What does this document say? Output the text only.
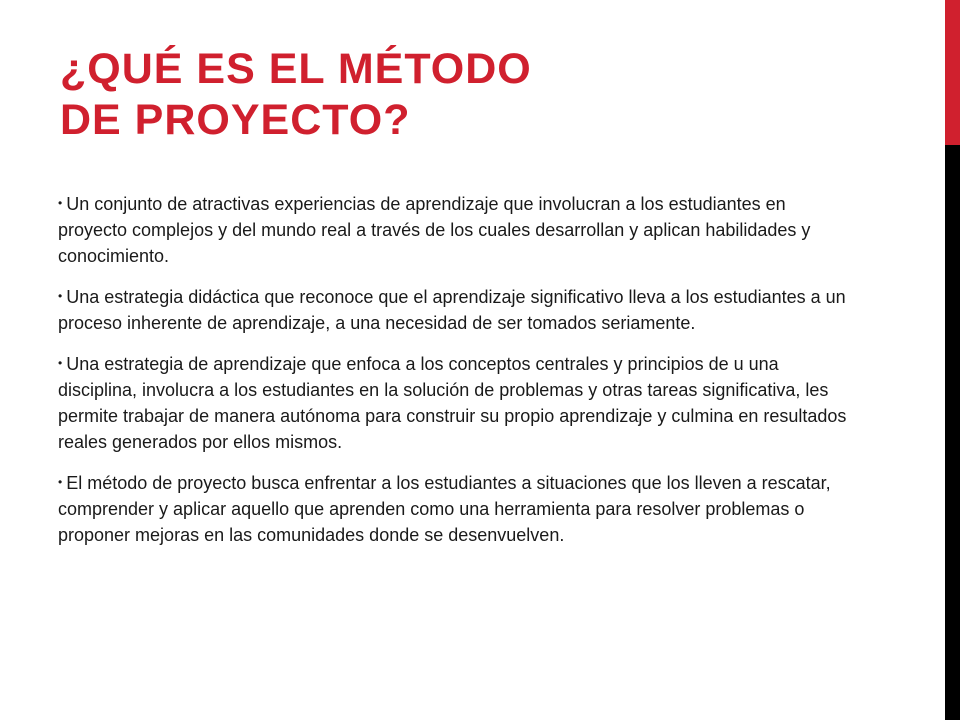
¿QUÉ ES EL MÉTODO
DE PROYECTO?
• Un conjunto de atractivas experiencias de aprendizaje que involucran a los estudiantes en proyecto complejos y del mundo real a través de los cuales desarrollan y aplican habilidades y conocimiento.
• Una estrategia didáctica que reconoce que el aprendizaje significativo lleva a los estudiantes a un proceso inherente de aprendizaje, a una necesidad de ser tomados seriamente.
• Una estrategia de aprendizaje que enfoca a los conceptos centrales y principios de u una disciplina, involucra a los estudiantes en la solución de problemas y otras tareas significativa, les permite trabajar de manera autónoma para construir su propio aprendizaje y culmina en resultados reales generados por ellos mismos.
• El método de proyecto busca enfrentar a los estudiantes a situaciones que los lleven a rescatar, comprender y aplicar aquello que aprenden como una herramienta para resolver problemas o proponer mejoras en las comunidades donde se desenvuelven.
